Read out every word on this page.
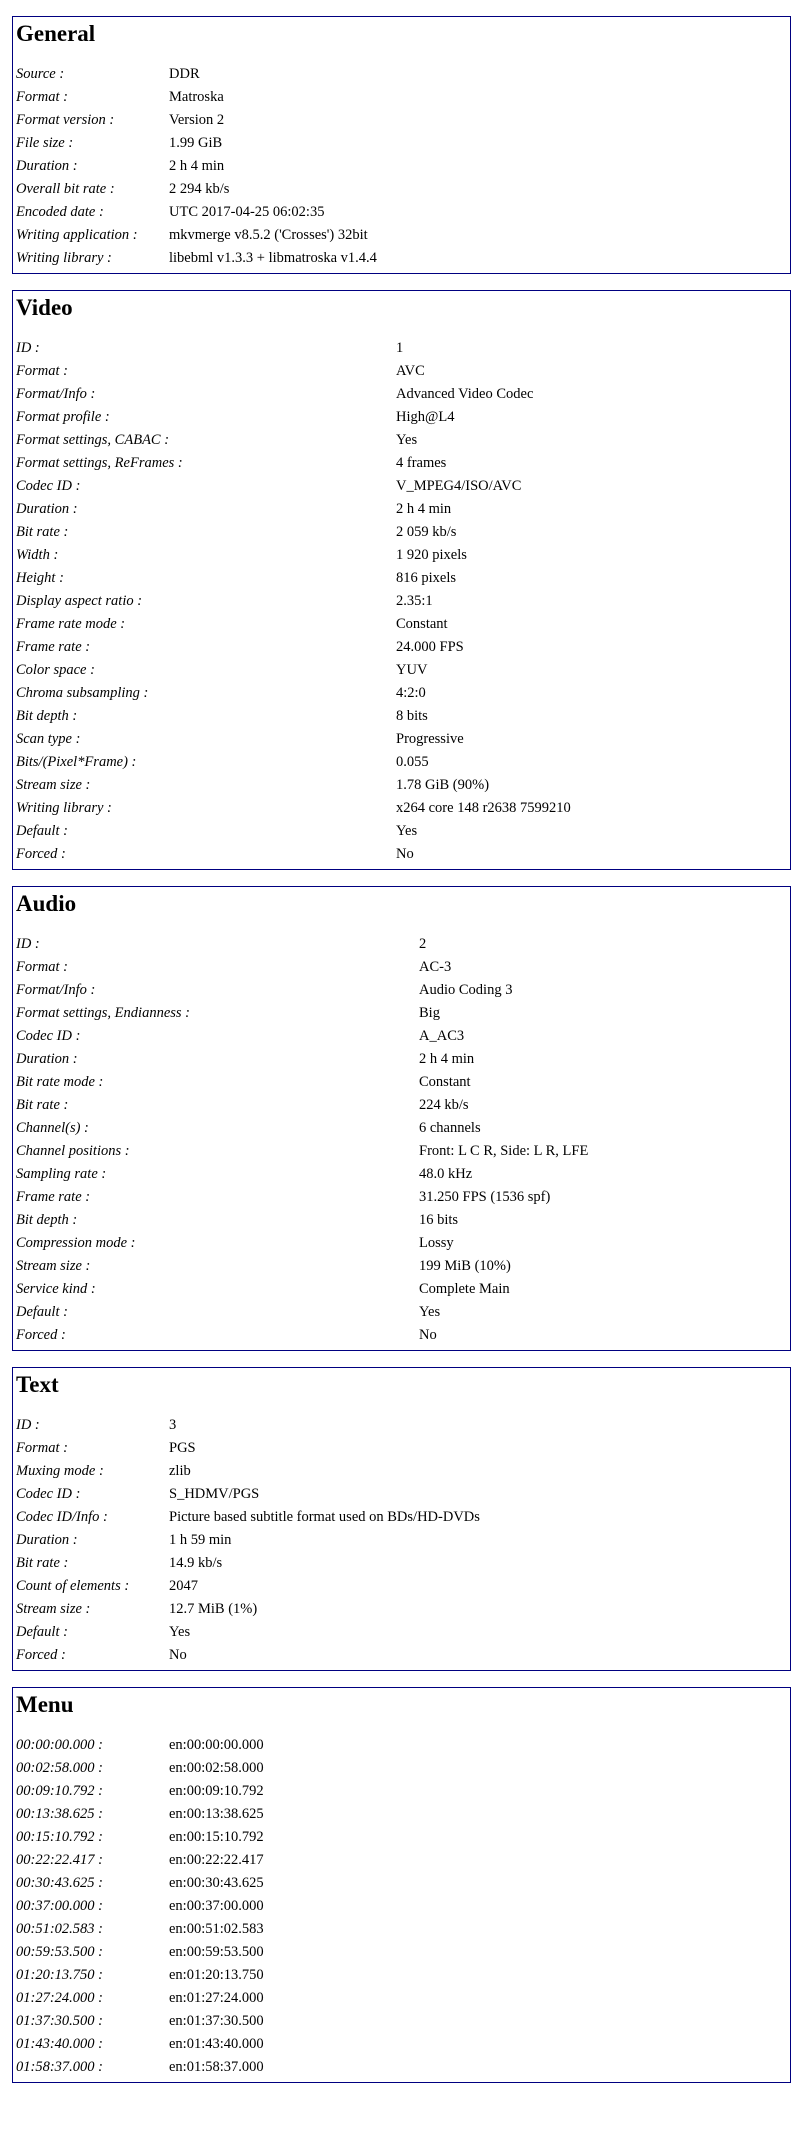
General
Source :	DDR
Format :	Matroska
Format version :	Version 2
File size :	1.99 GiB
Duration :	2 h 4 min
Overall bit rate :	2 294 kb/s
Encoded date :	UTC 2017-04-25 06:02:35
Writing application :	mkvmerge v8.5.2 ('Crosses') 32bit
Writing library :	libebml v1.3.3 + libmatroska v1.4.4
Video
ID :	1
Format :	AVC
Format/Info :	Advanced Video Codec
Format profile :	High@L4
Format settings, CABAC :	Yes
Format settings, ReFrames :	4 frames
Codec ID :	V_MPEG4/ISO/AVC
Duration :	2 h 4 min
Bit rate :	2 059 kb/s
Width :	1 920 pixels
Height :	816 pixels
Display aspect ratio :	2.35:1
Frame rate mode :	Constant
Frame rate :	24.000 FPS
Color space :	YUV
Chroma subsampling :	4:2:0
Bit depth :	8 bits
Scan type :	Progressive
Bits/(Pixel*Frame) :	0.055
Stream size :	1.78 GiB (90%)
Writing library :	x264 core 148 r2638 7599210
Default :	Yes
Forced :	No
Audio
ID :	2
Format :	AC-3
Format/Info :	Audio Coding 3
Format settings, Endianness :	Big
Codec ID :	A_AC3
Duration :	2 h 4 min
Bit rate mode :	Constant
Bit rate :	224 kb/s
Channel(s) :	6 channels
Channel positions :	Front: L C R, Side: L R, LFE
Sampling rate :	48.0 kHz
Frame rate :	31.250 FPS (1536 spf)
Bit depth :	16 bits
Compression mode :	Lossy
Stream size :	199 MiB (10%)
Service kind :	Complete Main
Default :	Yes
Forced :	No
Text
ID :	3
Format :	PGS
Muxing mode :	zlib
Codec ID :	S_HDMV/PGS
Codec ID/Info :	Picture based subtitle format used on BDs/HD-DVDs
Duration :	1 h 59 min
Bit rate :	14.9 kb/s
Count of elements :	2047
Stream size :	12.7 MiB (1%)
Default :	Yes
Forced :	No
Menu
00:00:00.000 :	en:00:00:00.000
00:02:58.000 :	en:00:02:58.000
00:09:10.792 :	en:00:09:10.792
00:13:38.625 :	en:00:13:38.625
00:15:10.792 :	en:00:15:10.792
00:22:22.417 :	en:00:22:22.417
00:30:43.625 :	en:00:30:43.625
00:37:00.000 :	en:00:37:00.000
00:51:02.583 :	en:00:51:02.583
00:59:53.500 :	en:00:59:53.500
01:20:13.750 :	en:01:20:13.750
01:27:24.000 :	en:01:27:24.000
01:37:30.500 :	en:01:37:30.500
01:43:40.000 :	en:01:43:40.000
01:58:37.000 :	en:01:58:37.000
